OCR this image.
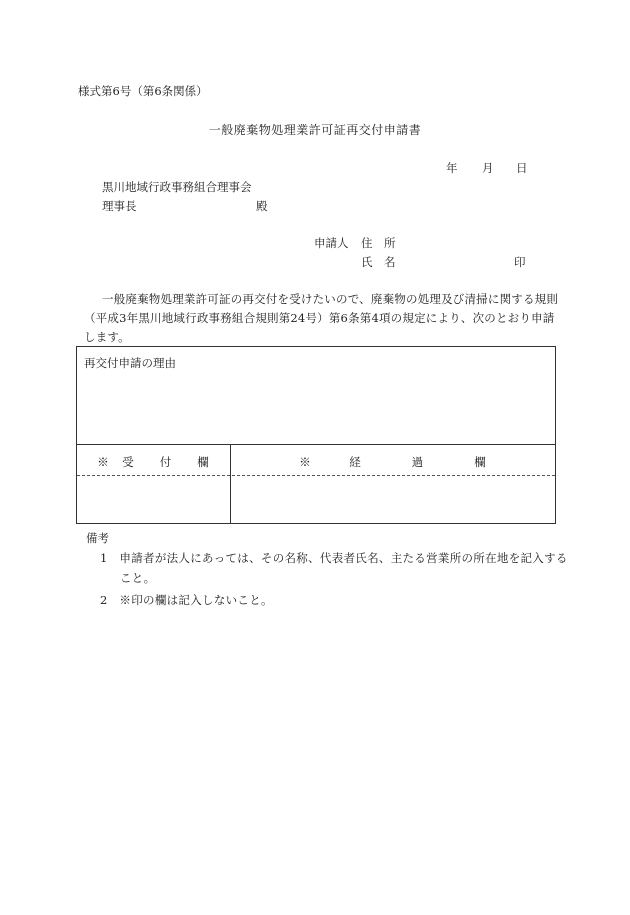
様式第6号（第6条関係）
一般廃棄物処理業許可証再交付申請書
年 月 日
黒川地域行政事務組合理事会
理事長	殿
申請人 住　所
氏　名	印
一般廃棄物処理業許可証の再交付を受けたいので、廃棄物の処理及び清掃に関する規則（平成3年黒川地域行政事務組合規則第24号）第6条第4項の規定により、次のとおり申請します。
再交付申請の理由
※　受　　付　　欄	※　　　経　　　　過　　　　欄
備考
1　申請者が法人にあっては、その名称、代表者氏名、主たる営業所の所在地を記入すること。
2　※印の欄は記入しないこと。
